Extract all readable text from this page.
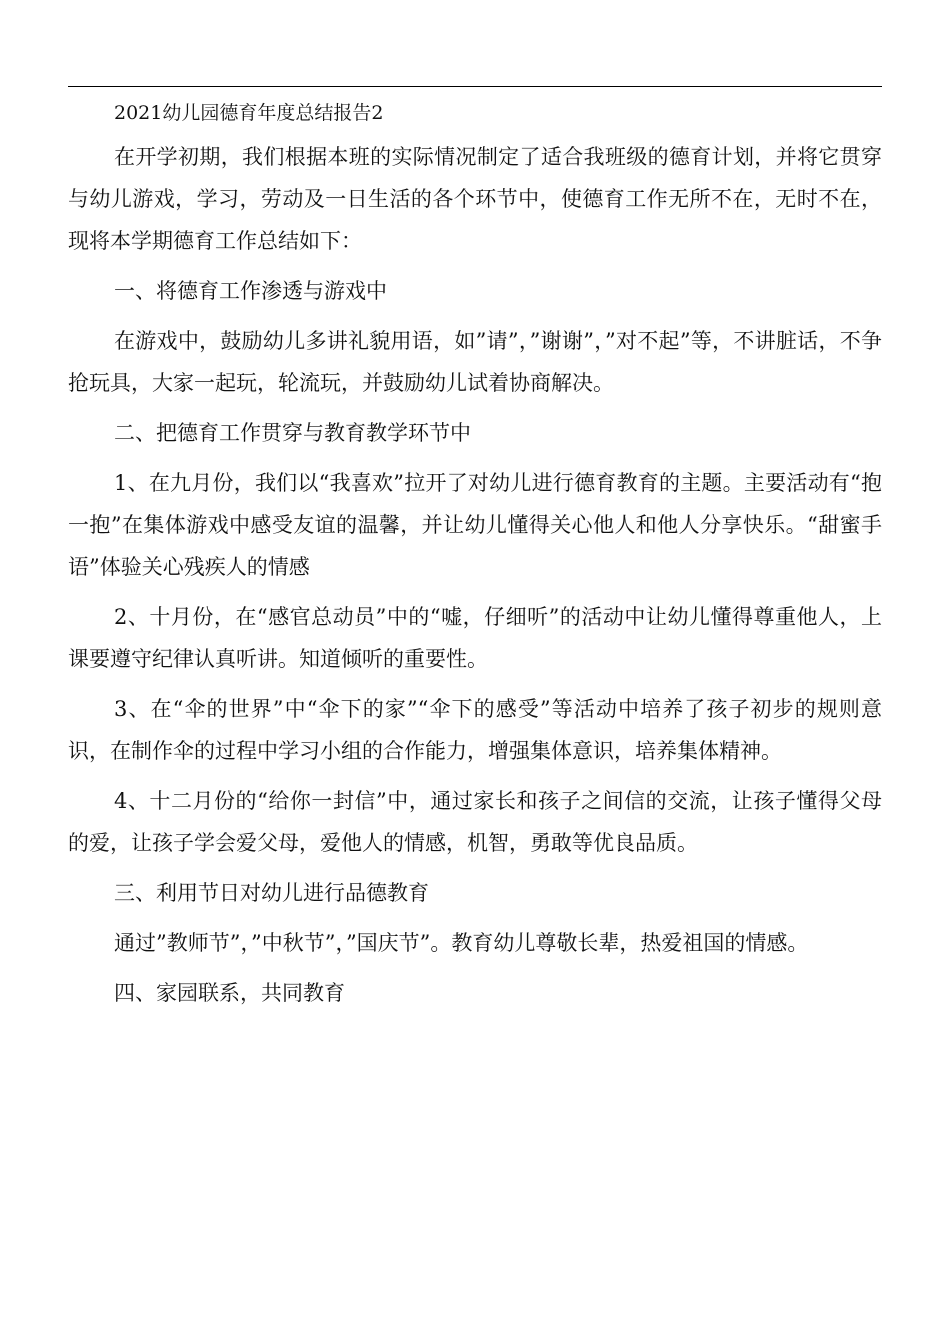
2021幼儿园德育年度总结报告2

在开学初期，我们根据本班的实际情况制定了适合我班级的德育计划，并将它贯穿与幼儿游戏，学习，劳动及一日生活的各个环节中，使德育工作无所不在，无时不在，现将本学期德育工作总结如下：

一、将德育工作渗透与游戏中

在游戏中，鼓励幼儿多讲礼貌用语，如”请”，”谢谢”，”对不起”等，不讲脏话，不争抢玩具，大家一起玩，轮流玩，并鼓励幼儿试着协商解决。

二、把德育工作贯穿与教育教学环节中

1、在九月份，我们以“我喜欢”拉开了对幼儿进行德育教育的主题。主要活动有“抱一抱”在集体游戏中感受友谊的温馨，并让幼儿懂得关心他人和他人分享快乐。“甜蜜手语”体验关心残疾人的情感

2、十月份，在“感官总动员”中的“嘘，仔细听”的活动中让幼儿懂得尊重他人，上课要遵守纪律认真听讲。知道倾听的重要性。

3、在“伞的世界”中“伞下的家”“伞下的感受”等活动中培养了孩子初步的规则意识，在制作伞的过程中学习小组的合作能力，增强集体意识，培养集体精神。

4、十二月份的“给你一封信”中，通过家长和孩子之间信的交流，让孩子懂得父母的爱，让孩子学会爱父母，爱他人的情感，机智，勇敢等优良品质。

三、利用节日对幼儿进行品德教育

通过”教师节”，”中秋节”，”国庆节”。教育幼儿尊敬长辈，热爱祖国的情感。

四、家园联系，共同教育
